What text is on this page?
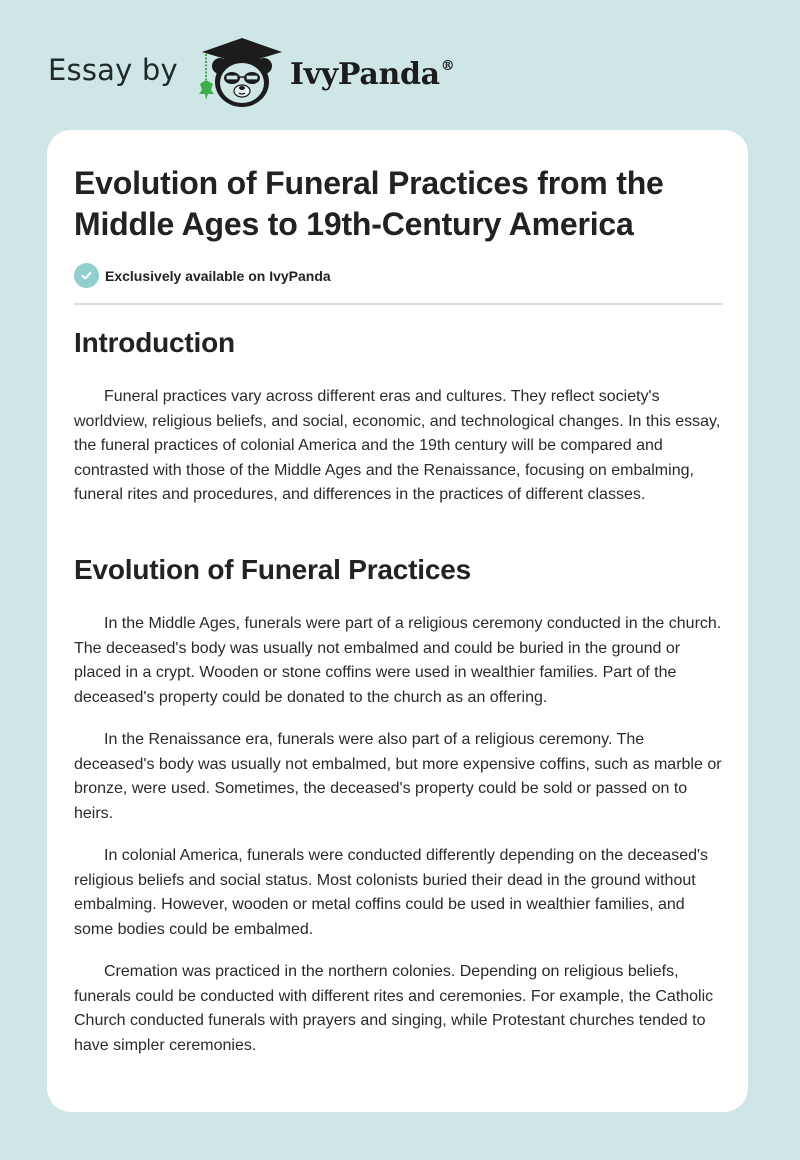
Essay by	IvyPanda®
Evolution of Funeral Practices from the Middle Ages to 19th-Century America
Exclusively available on IvyPanda
Introduction

Funeral practices vary across different eras and cultures. They reflect society's worldview, religious beliefs, and social, economic, and technological changes. In this essay, the funeral practices of colonial America and the 19th century will be compared and contrasted with those of the Middle Ages and the Renaissance, focusing on embalming, funeral rites and procedures, and differences in the practices of different classes.

Evolution of Funeral Practices

In the Middle Ages, funerals were part of a religious ceremony conducted in the church. The deceased's body was usually not embalmed and could be buried in the ground or placed in a crypt. Wooden or stone coffins were used in wealthier families. Part of the deceased's property could be donated to the church as an offering.

In the Renaissance era, funerals were also part of a religious ceremony. The deceased's body was usually not embalmed, but more expensive coffins, such as marble or bronze, were used. Sometimes, the deceased's property could be sold or passed on to heirs.

In colonial America, funerals were conducted differently depending on the deceased's religious beliefs and social status. Most colonists buried their dead in the ground without embalming. However, wooden or metal coffins could be used in wealthier families, and some bodies could be embalmed.

Cremation was practiced in the northern colonies. Depending on religious beliefs, funerals could be conducted with different rites and ceremonies. For example, the Catholic Church conducted funerals with prayers and singing, while Protestant churches tended to have simpler ceremonies.
